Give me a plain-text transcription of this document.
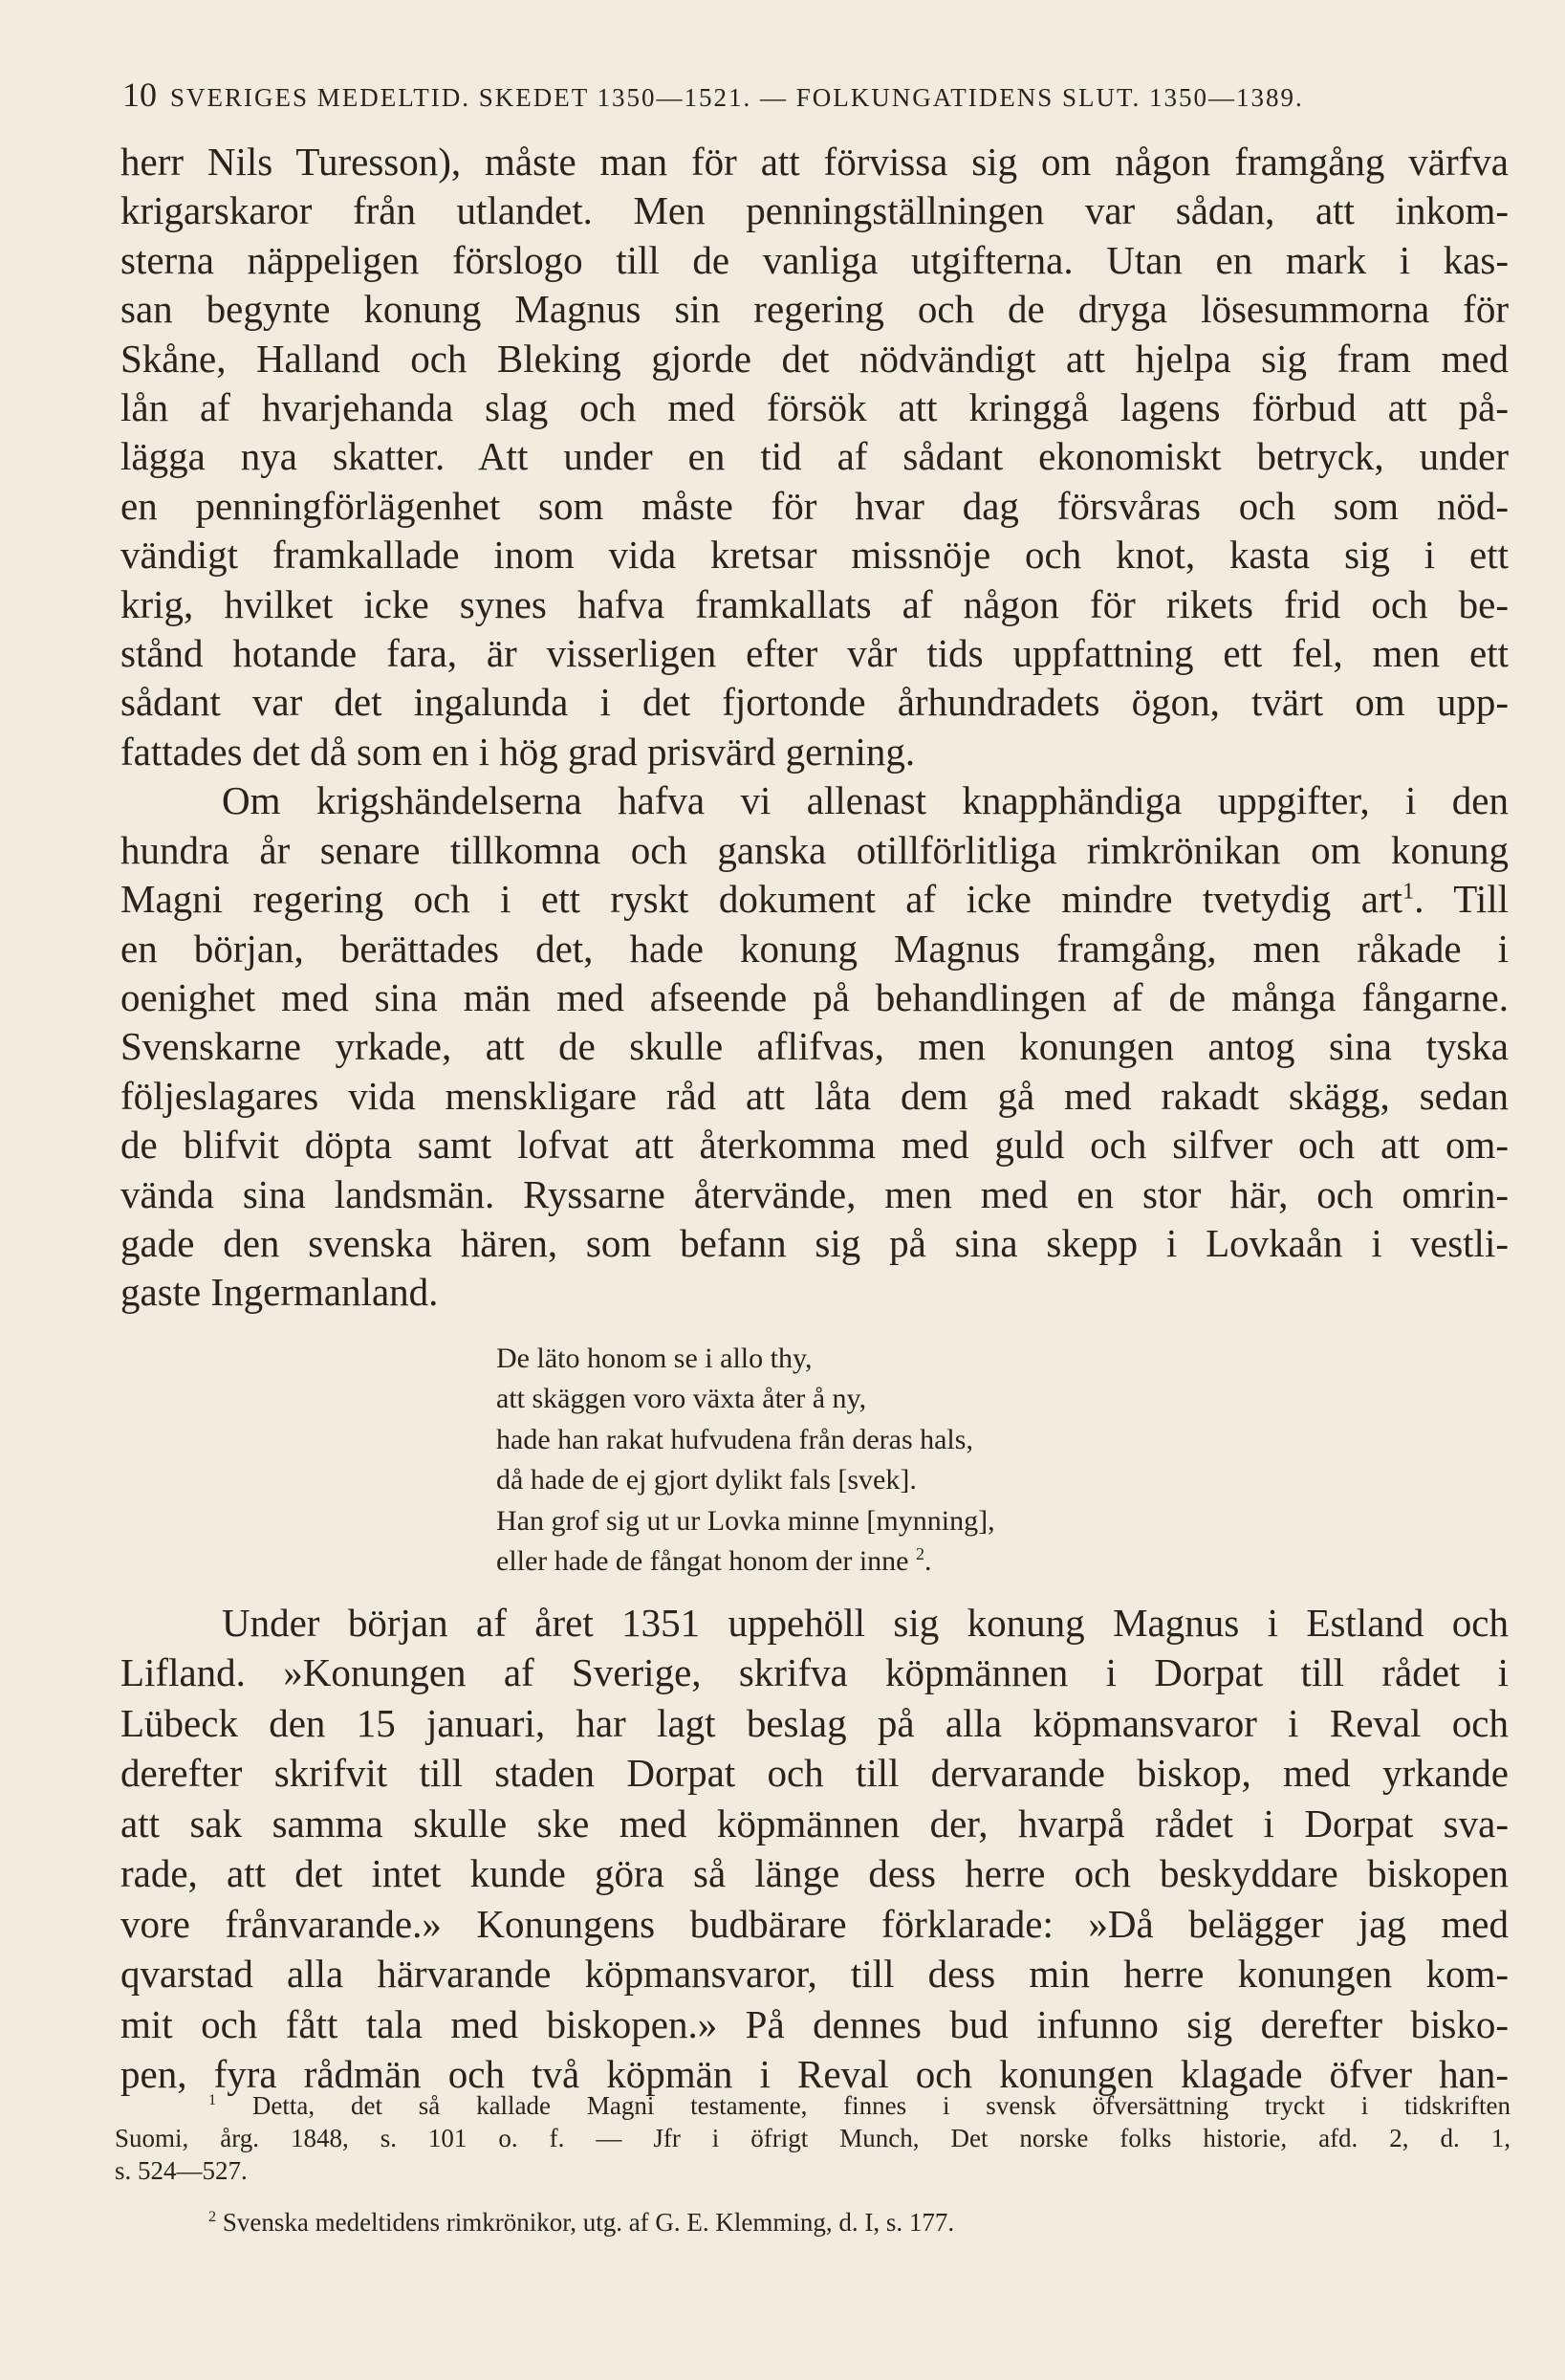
10 SVERIGES MEDELTID. SKEDET 1350—1521. — FOLKUNGATIDENS SLUT. 1350—1389.
herr Nils Turesson), måste man för att förvissa sig om någon framgång värfva
krigarskaror från utlandet. Men penningställningen var sådan, att inkom-
sterna näppeligen förslogo till de vanliga utgifterna. Utan en mark i kas-
san begynte konung Magnus sin regering och de dryga lösesummorna för
Skåne, Halland och Bleking gjorde det nödvändigt att hjelpa sig fram med
lån af hvarjehanda slag och med försök att kringgå lagens förbud att på-
lägga nya skatter. Att under en tid af sådant ekonomiskt betryck, under
en penningförlägenhet som måste för hvar dag försvåras och som nöd-
vändigt framkallade inom vida kretsar missnöje och knot, kasta sig i ett
krig, hvilket icke synes hafva framkallats af någon för rikets frid och be-
stånd hotande fara, är visserligen efter vår tids uppfattning ett fel, men ett
sådant var det ingalunda i det fjortonde århundradets ögon, tvärt om upp-
fattades det då som en i hög grad prisvärd gerning.
Om krigshändelserna hafva vi allenast knapphändiga uppgifter, i den
hundra år senare tillkomna och ganska otillförlitliga rimkrönikan om konung
Magni regering och i ett ryskt dokument af icke mindre tvetydig art$^1$. Till
en början, berättades det, hade konung Magnus framgång, men råkade i
oenighet med sina män med afseende på behandlingen af de många fångarne.
Svenskarne yrkade, att de skulle aflifvas, men konungen antog sina tyska
följeslagares vida menskligare råd att låta dem gå med rakadt skägg, sedan
de blifvit döpta samt lofvat att återkomma med guld och silfver och att om-
vända sina landsmän. Ryssarne återvände, men med en stor här, och omrin-
gade den svenska hären, som befann sig på sina skepp i Lovkaån i vestli-
gaste Ingermanland.
De läto honom se i allo thy,
att skäggen voro växta åter å ny,
hade han rakat hufvudena från deras hals,
då hade de ej gjort dylikt fals [svek].
Han grof sig ut ur Lovka minne [mynning],
eller hade de fångat honom der inne $^2$.
Under början af året 1351 uppehöll sig konung Magnus i Estland och
Lifland. »Konungen af Sverige, skrifva köpmännen i Dorpat till rådet i
Lübeck den 15 januari, har lagt beslag på alla köpmansvaror i Reval och
derefter skrifvit till staden Dorpat och till dervarande biskop, med yrkande
att sak samma skulle ske med köpmännen der, hvarpå rådet i Dorpat sva-
rade, att det intet kunde göra så länge dess herre och beskyddare biskopen
vore frånvarande.» Konungens budbärare förklarade: »Då belägger jag med
qvarstad alla härvarande köpmansvaror, till dess min herre konungen kom-
mit och fått tala med biskopen.» På dennes bud infunno sig derefter bisko-
pen, fyra rådmän och två köpmän i Reval och konungen klagade öfver han-
$^1$ Detta, det så kallade Magni testamente, finnes i svensk öfversättning tryckt i tidskriften
Suomi, årg. 1848, s. 101 o. f. — Jfr i öfrigt Munch, Det norske folks historie, afd. 2, d. 1,
s. 524—527.
$^2$ Svenska medeltidens rimkrönikor, utg. af G. E. Klemming, d. I, s. 177.
